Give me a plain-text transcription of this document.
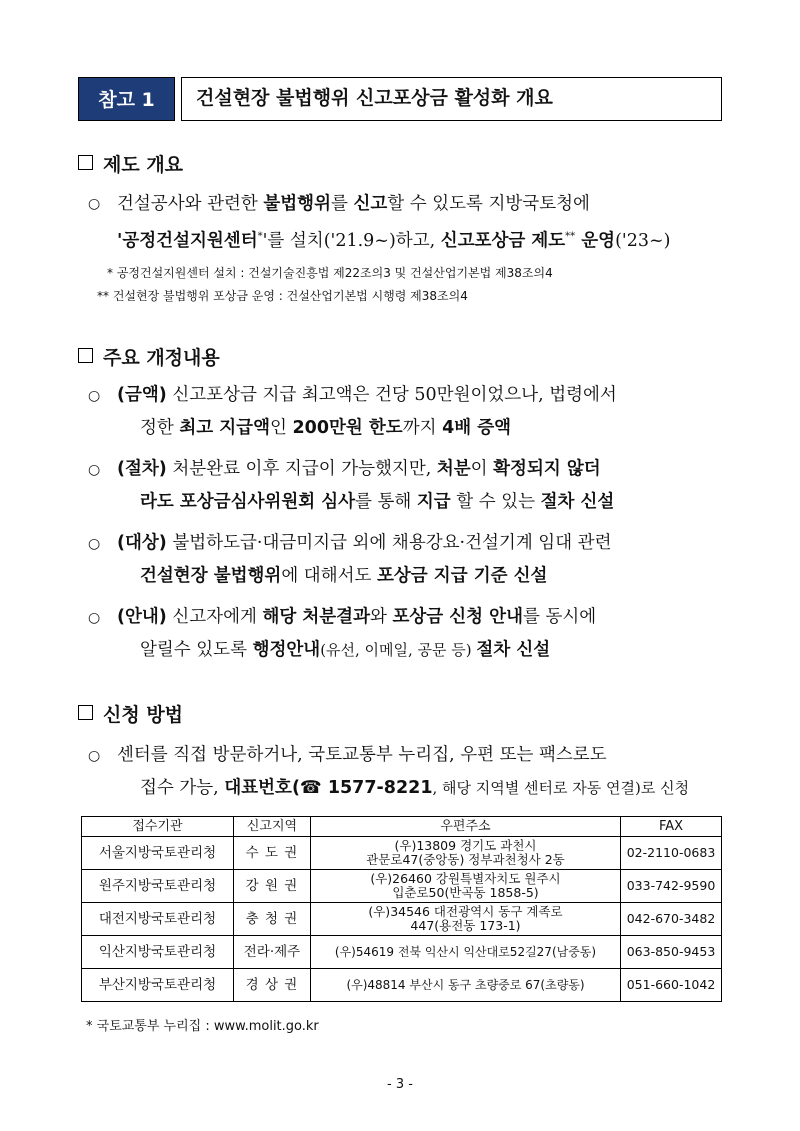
참고 1	건설현장 불법행위 신고포상금 활성화 개요
제도 개요
○ 건설공사와 관련한 불법행위를 신고할 수 있도록 지방국토청에
'공정건설지원센터*'를 설치('21.9~)하고, 신고포상금 제도** 운영('23~)
* 공정건설지원센터 설치 : 건설기술진흥법 제22조의3 및 건설산업기본법 제38조의4
** 건설현장 불법행위 포상금 운영 : 건설산업기본법 시행령 제38조의4
주요 개정내용
○ (금액) 신고포상금 지급 최고액은 건당 50만원이었으나, 법령에서
정한 최고 지급액인 200만원 한도까지 4배 증액
○ (절차) 처분완료 이후 지급이 가능했지만, 처분이 확정되지 않더
라도 포상금심사위원회 심사를 통해 지급 할 수 있는 절차 신설
○ (대상) 불법하도급·대금미지급 외에 채용강요·건설기계 임대 관련
건설현장 불법행위에 대해서도 포상금 지급 기준 신설
○ (안내) 신고자에게 해당 처분결과와 포상금 신청 안내를 동시에
알릴수 있도록 행정안내(유선, 이메일, 공문 등) 절차 신설
신청 방법
○ 센터를 직접 방문하거나, 국토교통부 누리집, 우편 또는 팩스로도
접수 가능, 대표번호(☎ 1577-8221, 해당 지역별 센터로 자동 연결)로 신청
접수기관	신고지역	우편주소	FAX
서울지방국토관리청	수 도 권	(우)13809 경기도 과천시
관문로47(중앙동) 정부과천청사 2동	02-2110-0683
원주지방국토관리청	강 원 권	(우)26460 강원특별자치도 원주시
입춘로50(반곡동 1858-5)	033-742-9590
대전지방국토관리청	충 청 권	(우)34546 대전광역시 동구 계족로
447(용전동 173-1)	042-670-3482
익산지방국토관리청	전라·제주	(우)54619 전북 익산시 익산대로52길27(남중동)	063-850-9453
부산지방국토관리청	경 상 권	(우)48814 부산시 동구 초량중로 67(초량동)	051-660-1042
* 국토교통부 누리집 : www.molit.go.kr
- 3 -
